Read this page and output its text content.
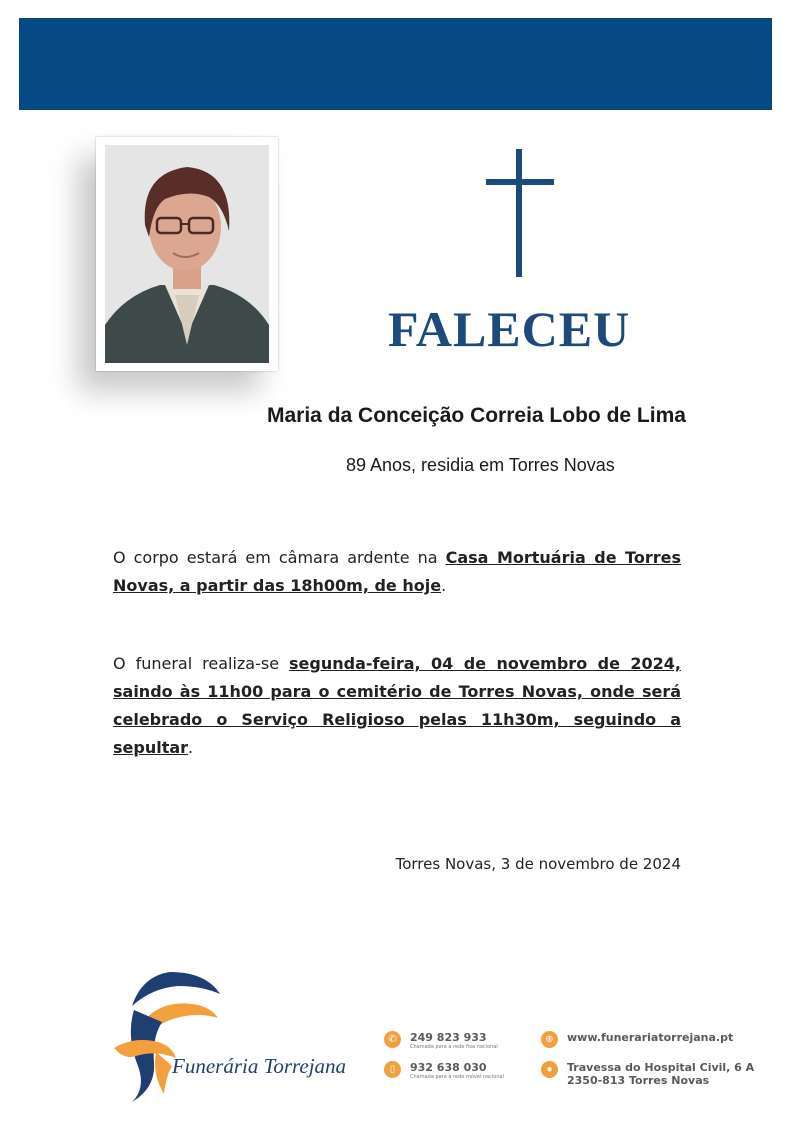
FALECEU
Maria da Conceição Correia Lobo de Lima
89 Anos, residia em Torres Novas
O corpo estará em câmara ardente na Casa Mortuária de Torres Novas, a partir das 18h00m, de hoje.
O funeral realiza-se segunda-feira, 04 de novembro de 2024, saindo às 11h00 para o cemitério de Torres Novas, onde será celebrado o Serviço Religioso pelas 11h30m, seguindo a sepultar.
Torres Novas, 3 de novembro de 2024
Funerária Torrejana
✆	249 823 933
Chamada para a rede fixa nacional
▯	932 638 030
Chamada para a rede móvel nacional
⊕	www.funerariatorrejana.pt
●	Travessa do Hospital Civil, 6 A
2350-813 Torres Novas
